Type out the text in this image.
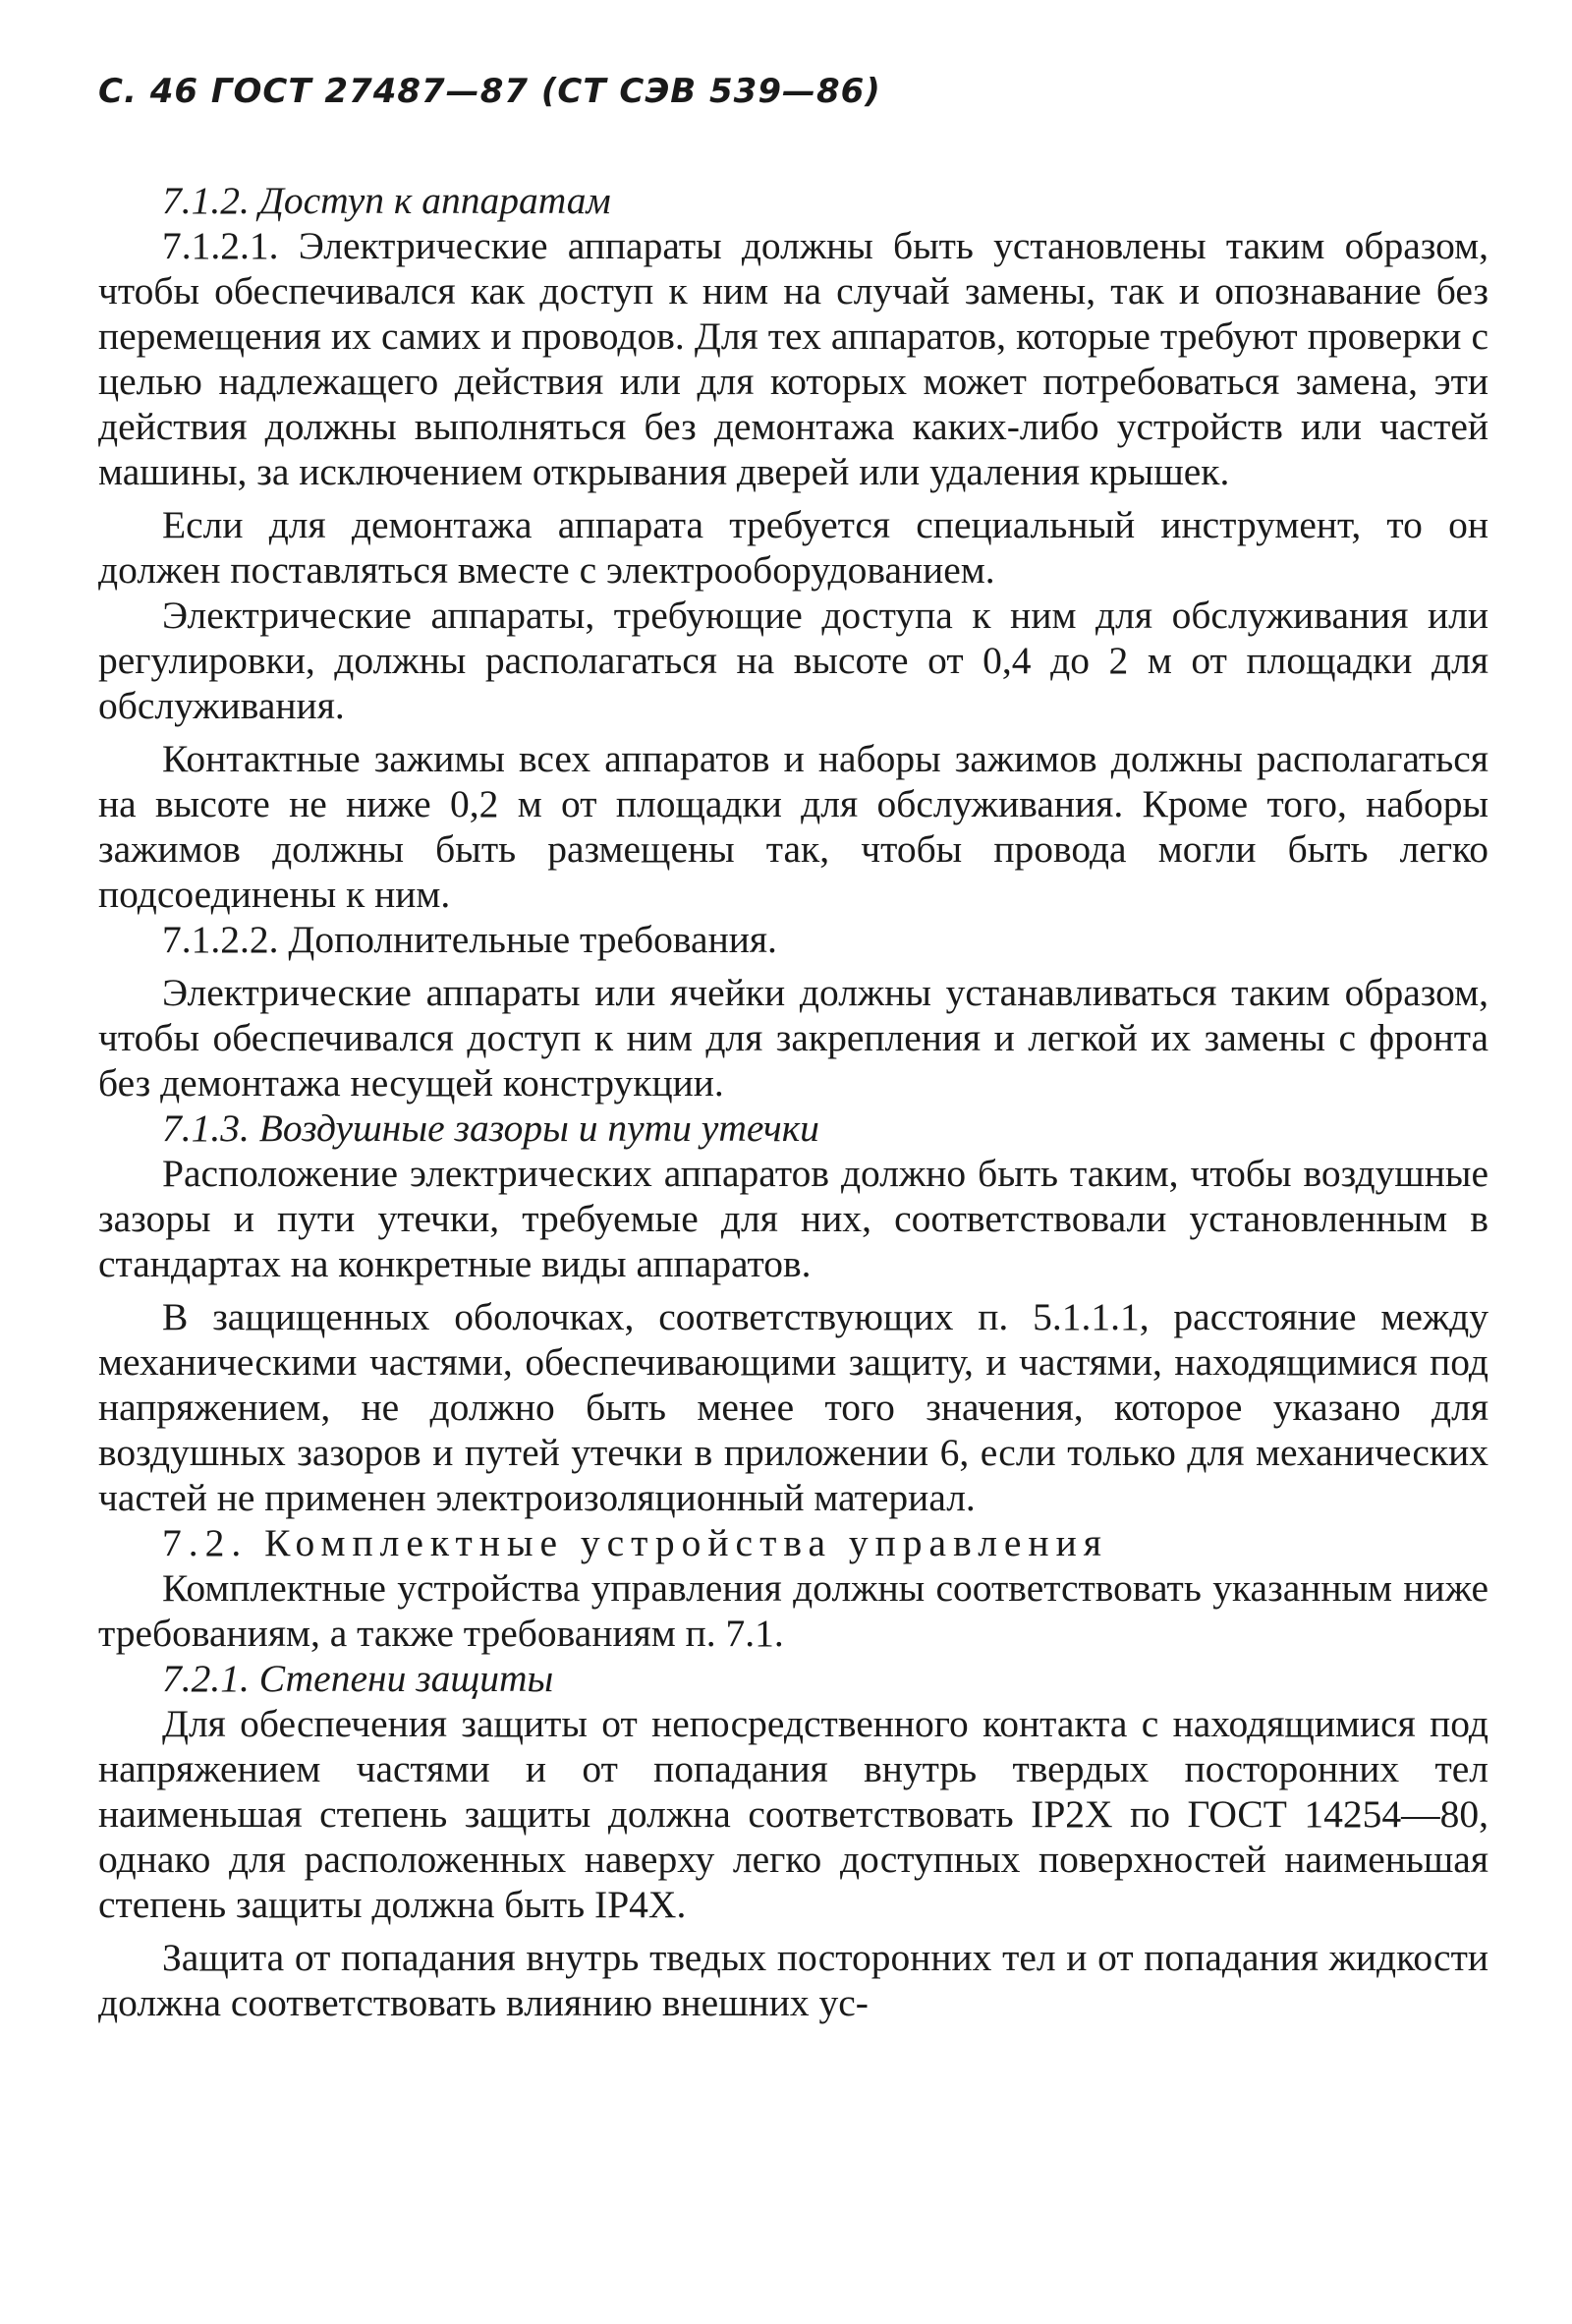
С. 46 ГОСТ 27487—87 (СТ СЭВ 539—86)

7.1.2. Доступ к аппаратам

7.1.2.1. Электрические аппараты должны быть установлены таким образом, чтобы обеспечивался как доступ к ним на случай замены, так и опознавание без перемещения их самих и проводов. Для тех аппаратов, которые требуют проверки с целью надлежащего действия или для которых может потребоваться замена, эти действия должны выполняться без демонтажа каких-либо устройств или частей машины, за исключением открывания дверей или удаления крышек.

Если для демонтажа аппарата требуется специальный инструмент, то он должен поставляться вместе с электрооборудованием.

Электрические аппараты, требующие доступа к ним для обслуживания или регулировки, должны располагаться на высоте от 0,4 до 2 м от площадки для обслуживания.

Контактные зажимы всех аппаратов и наборы зажимов должны располагаться на высоте не ниже 0,2 м от площадки для обслуживания. Кроме того, наборы зажимов должны быть размещены так, чтобы провода могли быть легко подсоединены к ним.

7.1.2.2. Дополнительные требования.

Электрические аппараты или ячейки должны устанавливаться таким образом, чтобы обеспечивался доступ к ним для закрепления и легкой их замены с фронта без демонтажа несущей конструкции.

7.1.3. Воздушные зазоры и пути утечки

Расположение электрических аппаратов должно быть таким, чтобы воздушные зазоры и пути утечки, требуемые для них, соответствовали установленным в стандартах на конкретные виды аппаратов.

В защищенных оболочках, соответствующих п. 5.1.1.1, расстояние между механическими частями, обеспечивающими защиту, и частями, находящимися под напряжением, не должно быть менее того значения, которое указано для воздушных зазоров и путей утечки в приложении 6, если только для механических частей не применен электроизоляционный материал.

7.2. Комплектные устройства управления

Комплектные устройства управления должны соответствовать указанным ниже требованиям, а также требованиям п. 7.1.

7.2.1. Степени защиты

Для обеспечения защиты от непосредственного контакта с находящимися под напряжением частями и от попадания внутрь твердых посторонних тел наименьшая степень защиты должна соответствовать IP2X по ГОСТ 14254—80, однако для расположенных наверху легко доступных поверхностей наименьшая степень защиты должна быть IP4X.

Защита от попадания внутрь тведых посторонних тел и от попадания жидкости должна соответствовать влиянию внешних ус-
